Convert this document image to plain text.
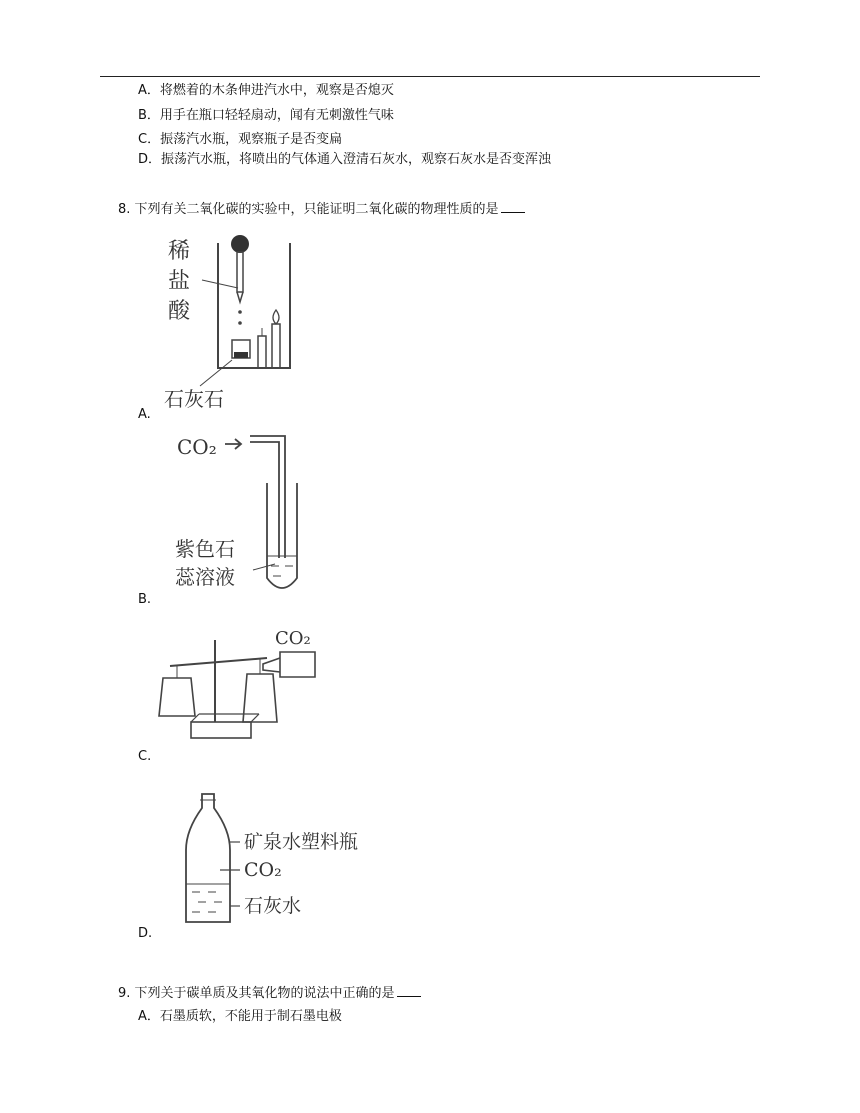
A．将燃着的木条伸进汽水中，观察是否熄灭
B．用手在瓶口轻轻扇动，闻有无刺激性气味
C．振荡汽水瓶，观察瓶子是否变扁
D．振荡汽水瓶，将喷出的气体通入澄清石灰水，观察石灰水是否变浑浊
8. 下列有关二氧化碳的实验中，只能证明二氧化碳的物理性质的是
稀
盐
酸
石灰石
A.
CO₂
紫色石
蕊溶液
B.
CO₂
C.
矿泉水塑料瓶
CO₂
石灰水
D.
9. 下列关于碳单质及其氧化物的说法中正确的是
A．石墨质软，不能用于制石墨电极
